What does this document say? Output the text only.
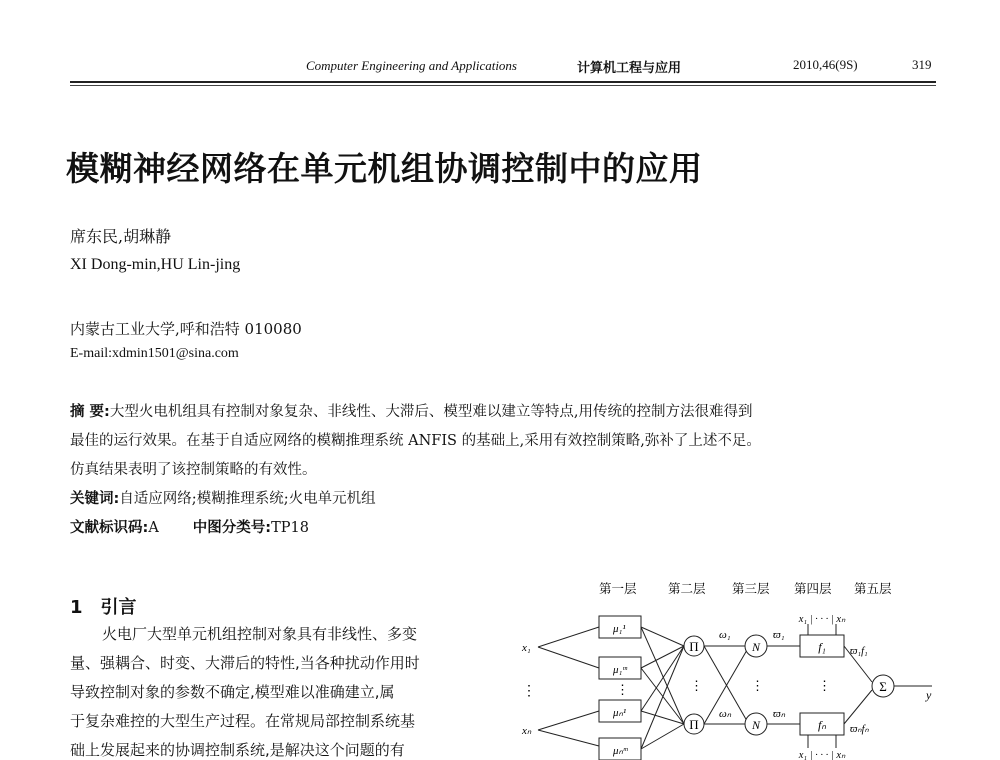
Computer Engineering and Applications	计算机工程与应用	2010,46(9S)	319
模糊神经网络在单元机组协调控制中的应用
席东民,胡琳静
XI Dong-min,HU Lin-jing
内蒙古工业大学,呼和浩特 010080
E-mail:xdmin1501@sina.com
摘 要:大型火电机组具有控制对象复杂、非线性、大滞后、模型难以建立等特点,用传统的控制方法很难得到
最佳的运行效果。在基于自适应网络的模糊推理系统 ANFIS 的基础上,采用有效控制策略,弥补了上述不足。
仿真结果表明了该控制策略的有效性。
关键词:自适应网络;模糊推理系统;火电单元机组
文献标识码:A 中图分类号:TP18
1 引言
火电厂大型单元机组控制对象具有非线性、多变
量、强耦合、时变、大滞后的特性,当各种扰动作用时
导致控制对象的参数不确定,模型难以准确建立,属
于复杂难控的大型生产过程。在常规局部控制系统基
础上发展起来的协调控制系统,是解决这个问题的有
第一层	第二层 第三层 第四层 第五层
x₁
xₙ
⋮
μ₁¹
μ₁ᵐ
μₙ¹
μₙᵐ
⋮
Π
Π
⋮
ω₁
ωₙ
N
N
⋮
ϖ₁
ϖₙ
f₁
fₙ
⋮
x₁ | · · · | xₙ
x₁ | · · · | xₙ
ϖ₁f₁
ϖₙfₙ
Σ
y
